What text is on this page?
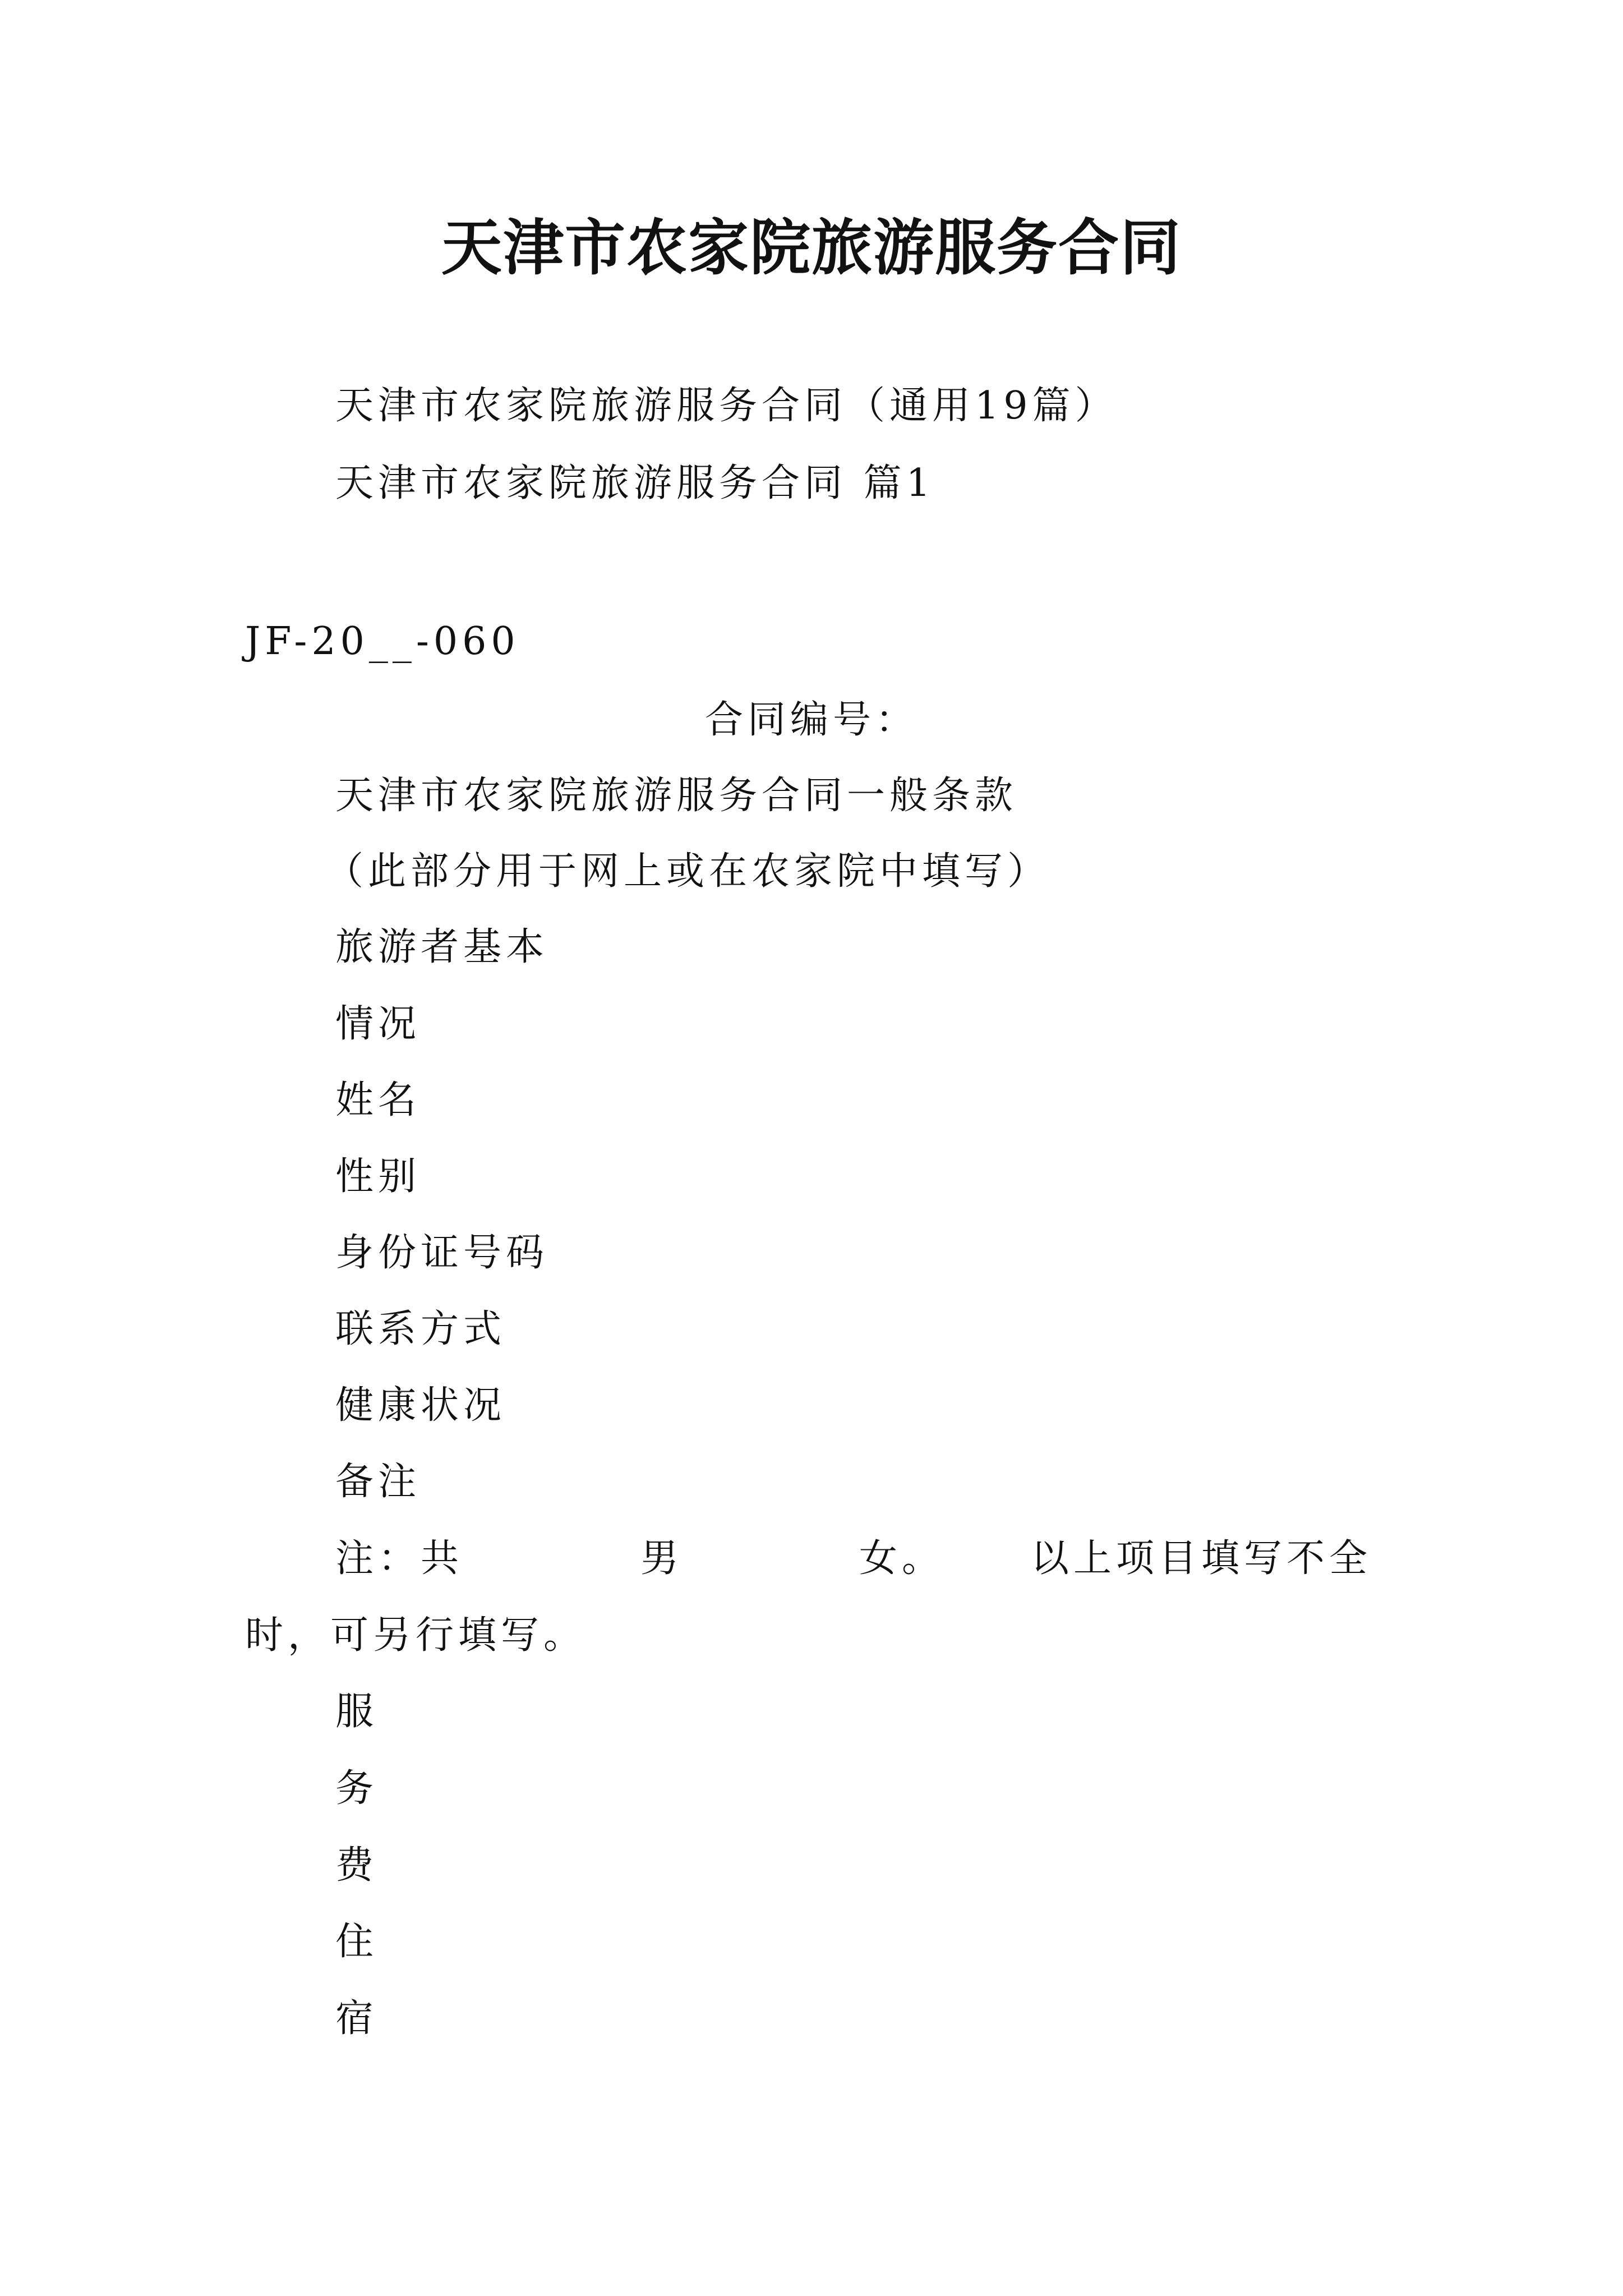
天津市农家院旅游服务合同
天津市农家院旅游服务合同（通用19篇）
天津市农家院旅游服务合同 篇1
JF-20__-060
合同编号：
天津市农家院旅游服务合同一般条款
（此部分用于网上或在农家院中填写）
旅游者基本
情况
姓名
性别
身份证号码
联系方式
健康状况
备注
注：共	男	女。 以上项目填写不全
时，可另行填写。
服
务
费
住
宿
